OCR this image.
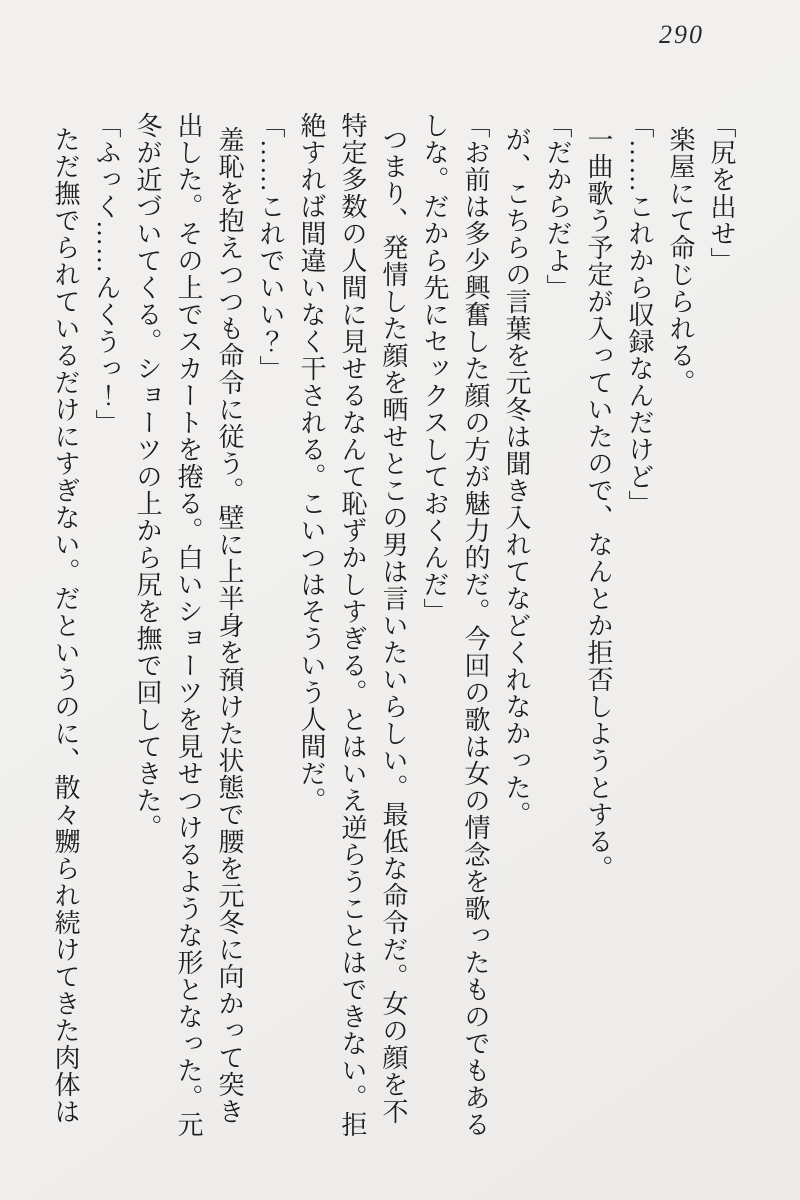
290

「尻を出せ」

楽屋にて命じられる。

「……これから収録なんだけど」

一曲歌う予定が入っていたので、なんとか拒否しようとする。

「だからだよ」

が、こちらの言葉を元冬は聞き入れてなどくれなかった。

「お前は多少興奮した顔の方が魅力的だ。今回の歌は女の情念を歌ったものでもあるしな。だから先にセックスしておくんだ」

つまり、発情した顔を晒せとこの男は言いたいらしい。最低な命令だ。女の顔を不特定多数の人間に見せるなんて恥ずかしすぎる。とはいえ逆らうことはできない。拒絶すれば間違いなく干される。こいつはそういう人間だ。

「……これでいい？」

羞恥を抱えつつも命令に従う。壁に上半身を預けた状態で腰を元冬に向かって突き出した。その上でスカートを捲る。白いショーツを見せつけるような形となった。元冬が近づいてくる。ショーツの上から尻を撫で回してきた。

「ふっく……んくうっ！」

ただ撫でられているだけにすぎない。だというのに、散々嬲られ続けてきた肉体は
